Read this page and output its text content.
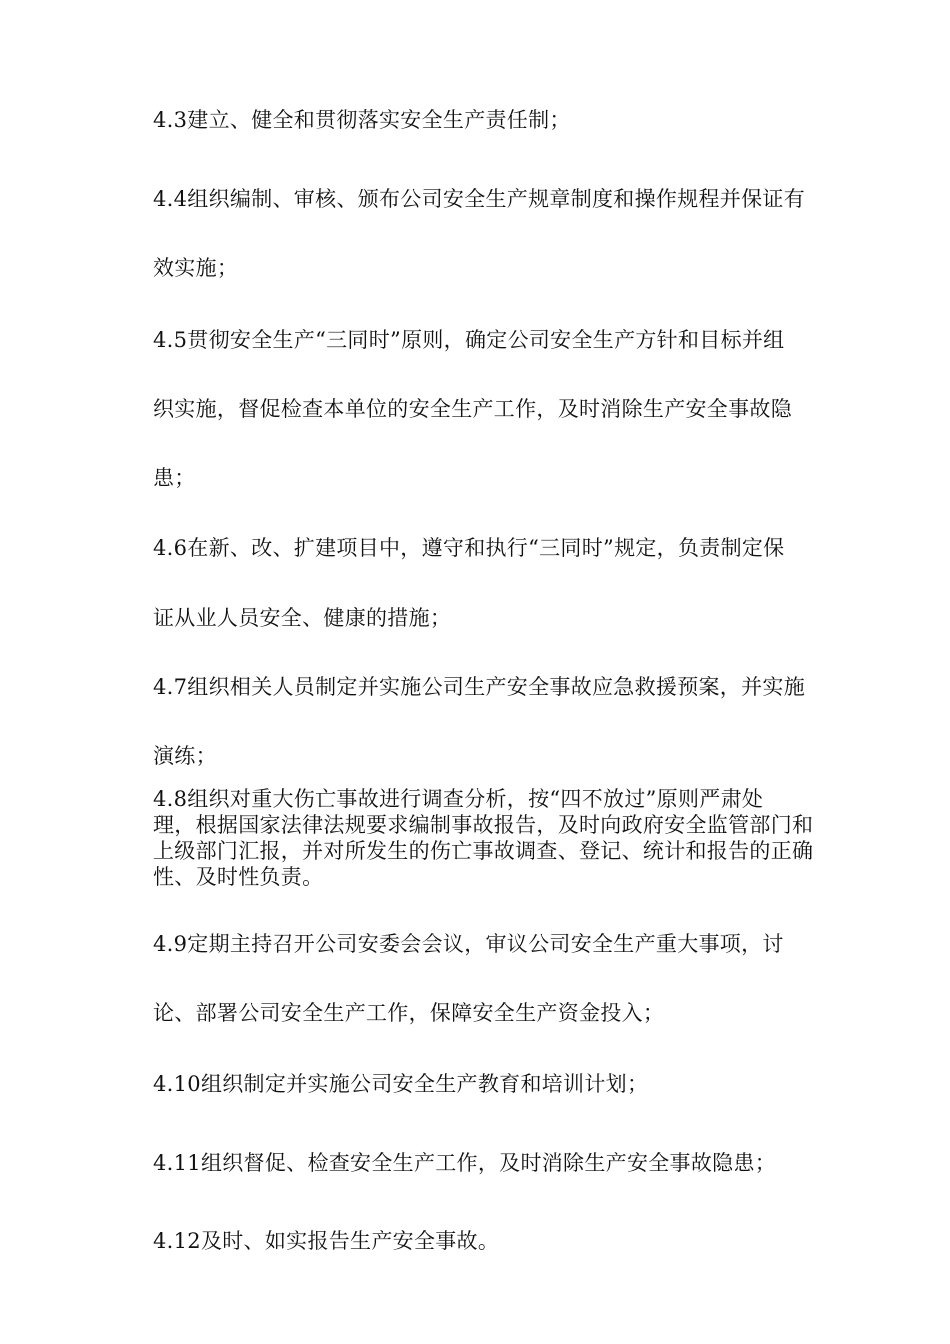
4.3建立、健全和贯彻落实安全生产责任制；
4.4组织编制、审核、颁布公司安全生产规章制度和操作规程并保证有
效实施；
4.5贯彻安全生产“三同时”原则，确定公司安全生产方针和目标并组
织实施，督促检查本单位的安全生产工作，及时消除生产安全事故隐
患；
4.6在新、改、扩建项目中，遵守和执行“三同时”规定，负责制定保
证从业人员安全、健康的措施；
4.7组织相关人员制定并实施公司生产安全事故应急救援预案，并实施
演练；
4.8组织对重大伤亡事故进行调查分析，按“四不放过”原则严肃处
理，根据国家法律法规要求编制事故报告，及时向政府安全监管部门和
上级部门汇报，并对所发生的伤亡事故调查、登记、统计和报告的正确
性、及时性负责。
4.9定期主持召开公司安委会会议，审议公司安全生产重大事项，讨
论、部署公司安全生产工作，保障安全生产资金投入；
4.10组织制定并实施公司安全生产教育和培训计划；
4.11组织督促、检查安全生产工作，及时消除生产安全事故隐患；
4.12及时、如实报告生产安全事故。
